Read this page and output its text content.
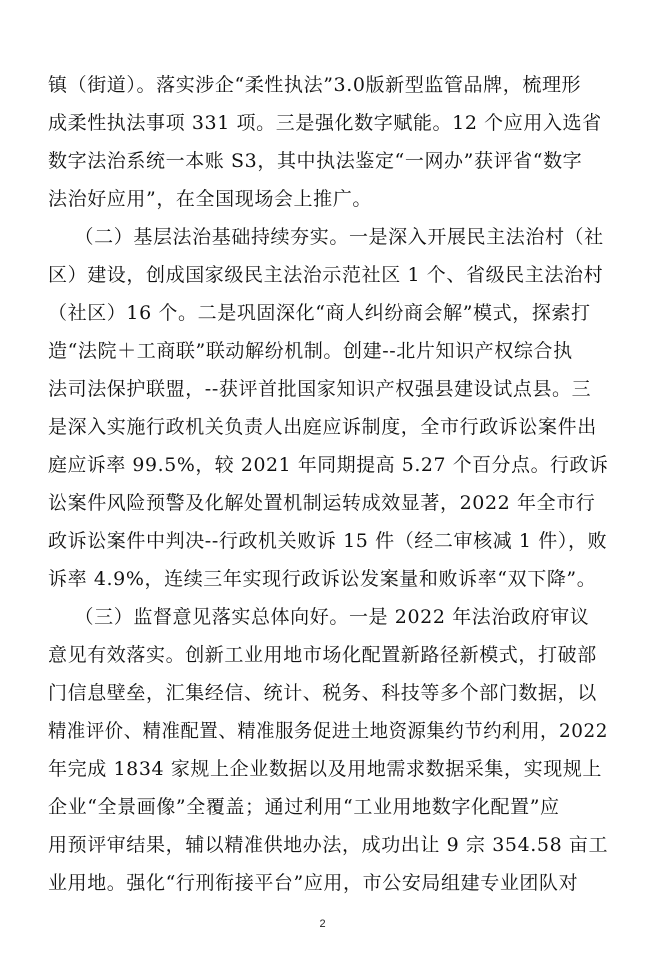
镇（街道）。落实涉企“柔性执法”3.0版新型监管品牌，梳理形
成柔性执法事项 331 项。三是强化数字赋能。12 个应用入选省
数字法治系统一本账 S3，其中执法鉴定“一网办”获评省“数字
法治好应用”，在全国现场会上推广。
（二）基层法治基础持续夯实。一是深入开展民主法治村（社
区）建设，创成国家级民主法治示范社区 1 个、省级民主法治村
（社区）16 个。二是巩固深化“商人纠纷商会解”模式，探索打
造“法院＋工商联”联动解纷机制。创建--北片知识产权综合执
法司法保护联盟，--获评首批国家知识产权强县建设试点县。三
是深入实施行政机关负责人出庭应诉制度，全市行政诉讼案件出
庭应诉率 99.5%，较 2021 年同期提高 5.27 个百分点。行政诉
讼案件风险预警及化解处置机制运转成效显著，2022 年全市行
政诉讼案件中判决--行政机关败诉 15 件（经二审核减 1 件），败
诉率 4.9%，连续三年实现行政诉讼发案量和败诉率“双下降”。
（三）监督意见落实总体向好。一是 2022 年法治政府审议
意见有效落实。创新工业用地市场化配置新路径新模式，打破部
门信息壁垒，汇集经信、统计、税务、科技等多个部门数据，以
精准评价、精准配置、精准服务促进土地资源集约节约利用，2022
年完成 1834 家规上企业数据以及用地需求数据采集，实现规上
企业“全景画像”全覆盖；通过利用“工业用地数字化配置”应
用预评审结果，辅以精准供地办法，成功出让 9 宗 354.58 亩工
业用地。强化“行刑衔接平台”应用，市公安局组建专业团队对
2
